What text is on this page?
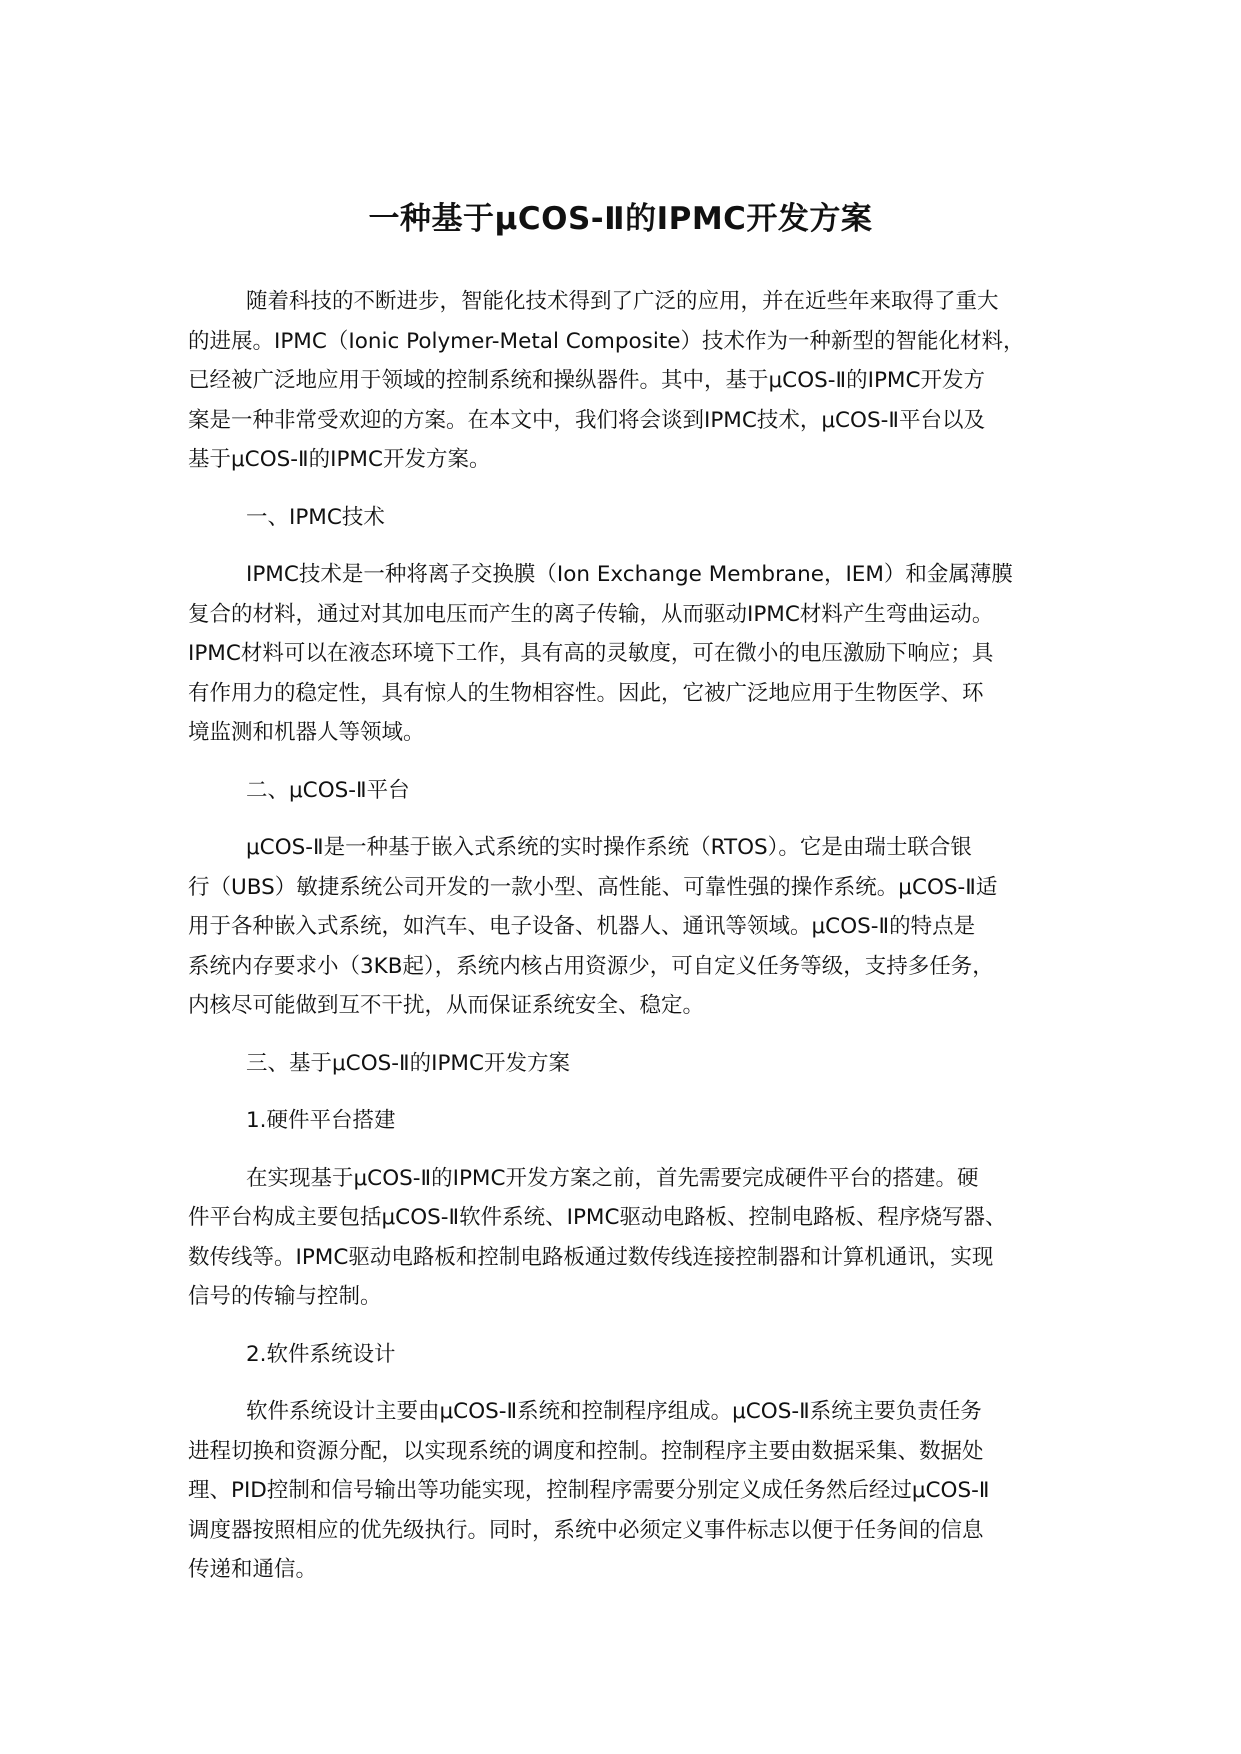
一种基于μCOS-Ⅱ的IPMC开发方案

随着科技的不断进步，智能化技术得到了广泛的应用，并在近些年来取得了重大
的进展。IPMC（Ionic Polymer-Metal Composite）技术作为一种新型的智能化材料，
已经被广泛地应用于领域的控制系统和操纵器件。其中，基于μCOS-Ⅱ的IPMC开发方
案是一种非常受欢迎的方案。在本文中，我们将会谈到IPMC技术，μCOS-Ⅱ平台以及
基于μCOS-Ⅱ的IPMC开发方案。

一、IPMC技术

IPMC技术是一种将离子交换膜（Ion Exchange Membrane，IEM）和金属薄膜
复合的材料，通过对其加电压而产生的离子传输，从而驱动IPMC材料产生弯曲运动。
IPMC材料可以在液态环境下工作，具有高的灵敏度，可在微小的电压激励下响应；具
有作用力的稳定性，具有惊人的生物相容性。因此，它被广泛地应用于生物医学、环
境监测和机器人等领域。

二、μCOS-Ⅱ平台

μCOS-Ⅱ是一种基于嵌入式系统的实时操作系统（RTOS）。它是由瑞士联合银
行（UBS）敏捷系统公司开发的一款小型、高性能、可靠性强的操作系统。μCOS-Ⅱ适
用于各种嵌入式系统，如汽车、电子设备、机器人、通讯等领域。μCOS-Ⅱ的特点是
系统内存要求小（3KB起），系统内核占用资源少，可自定义任务等级，支持多任务，
内核尽可能做到互不干扰，从而保证系统安全、稳定。

三、基于μCOS-Ⅱ的IPMC开发方案

1.硬件平台搭建

在实现基于μCOS-Ⅱ的IPMC开发方案之前，首先需要完成硬件平台的搭建。硬
件平台构成主要包括μCOS-Ⅱ软件系统、IPMC驱动电路板、控制电路板、程序烧写器、
数传线等。IPMC驱动电路板和控制电路板通过数传线连接控制器和计算机通讯，实现
信号的传输与控制。

2.软件系统设计

软件系统设计主要由μCOS-Ⅱ系统和控制程序组成。μCOS-Ⅱ系统主要负责任务
进程切换和资源分配，以实现系统的调度和控制。控制程序主要由数据采集、数据处
理、PID控制和信号输出等功能实现，控制程序需要分别定义成任务然后经过μCOS-Ⅱ
调度器按照相应的优先级执行。同时，系统中必须定义事件标志以便于任务间的信息
传递和通信。
